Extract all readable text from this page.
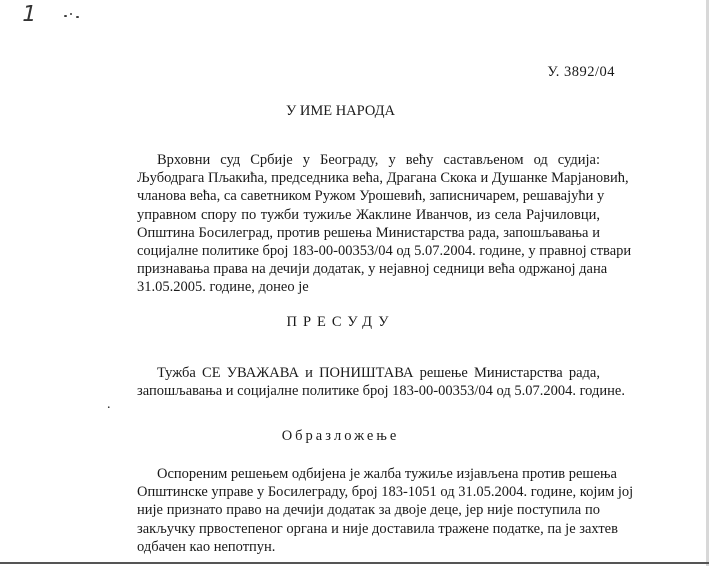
1
У. 3892/04
У ИМЕ НАРОДА
Врховни суд Србије у Београду, у већу састављеном од судија:
Љубодрага Пљакића, председника већа, Драгана Скока и Душанке Марјановић,
чланова већа, са саветником Ружом Урошевић, записничарем, решавајући у
управном спору по тужби тужиље Жаклине Иванчов, из села Рајчиловци,
Општина Босилеград, против решења Министарства рада, запошљавања и
социјалне политике број 183-00-00353/04 од 5.07.2004. године, у правној ствари
признавања права на дечији додатак, у нејавној седници већа одржаној дана
31.05.2005. године, донео је
ПРЕСУДУ
Тужба СЕ УВАЖАВА и ПОНИШТАВА решење Министарства рада,
запошљавања и социјалне политике број 183-00-00353/04 од 5.07.2004. године.
.
Образложење
Оспореним решењем одбијена је жалба тужиље изјављена против решења
Општинске управе у Босилеграду, број 183-1051 од 31.05.2004. године, којим јој
није признато право на дечији додатак за двоје деце, јер није поступила по
закључку првостепеног органа и није доставила тражене податке, па је захтев
одбачен као непотпун.
